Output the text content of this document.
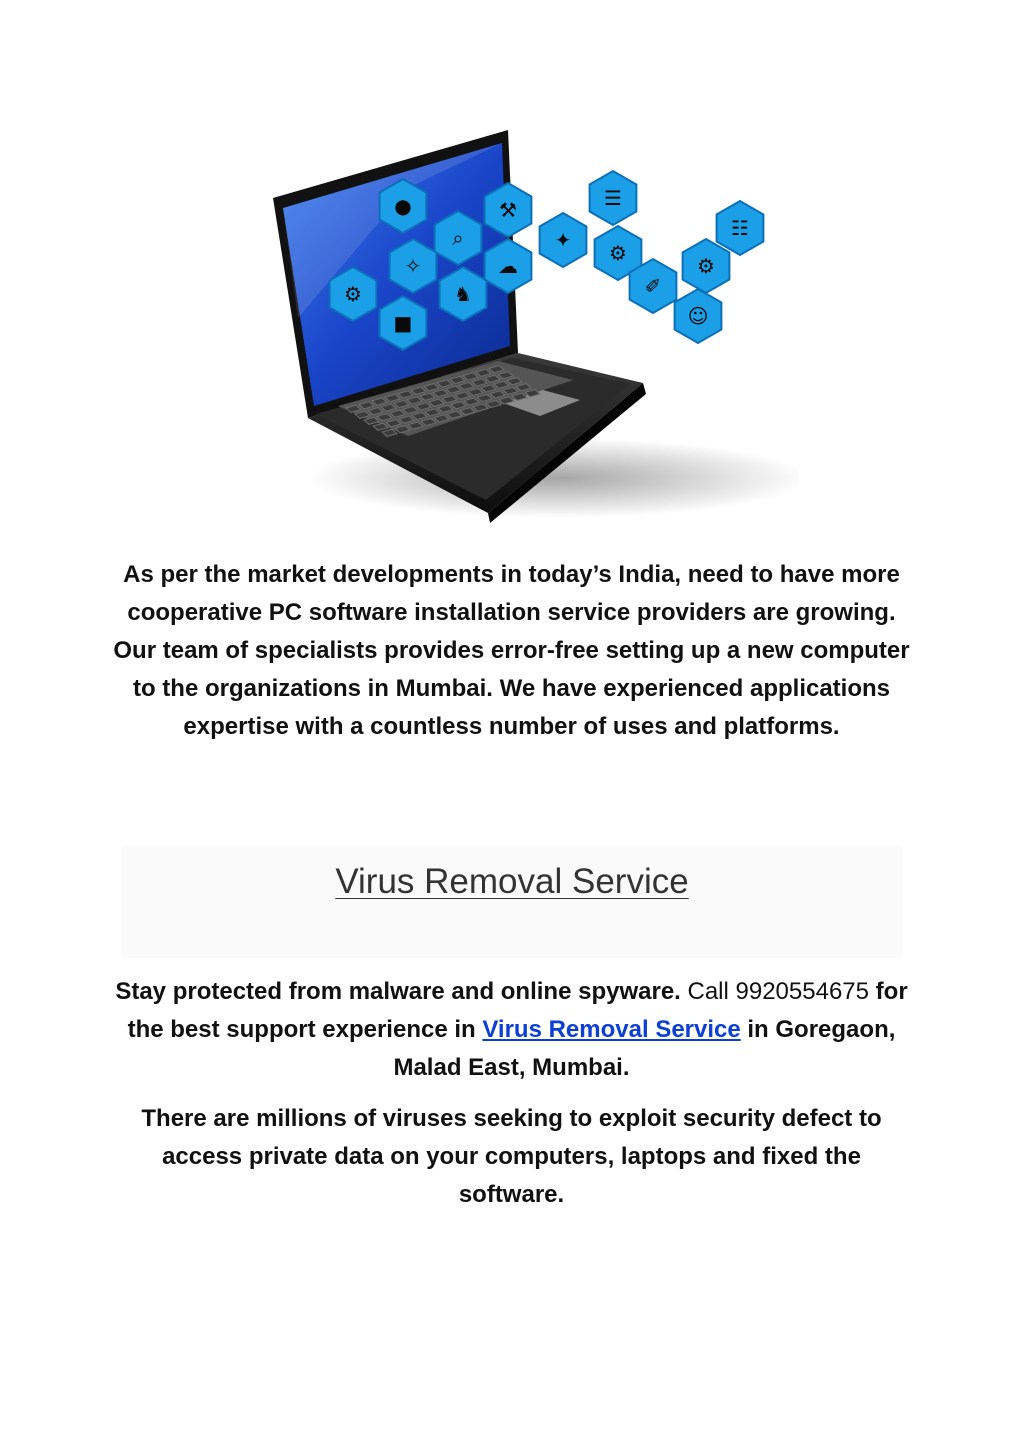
●	⚒	☰
☷
⌕	✦
✧
♞
☁
⚙
✐
⚙
⚙
■	☺

As per the market developments in today’s India, need to have more cooperative PC software installation service providers are growing. Our team of specialists provides error-free setting up a new computer to the organizations in Mumbai. We have experienced applications expertise with a countless number of uses and platforms.

Virus Removal Service

Stay protected from malware and online spyware. Call 9920554675 for the best support experience in Virus Removal Service in Goregaon, Malad East, Mumbai.

There are millions of viruses seeking to exploit security defect to access private data on your computers, laptops and fixed the software.
